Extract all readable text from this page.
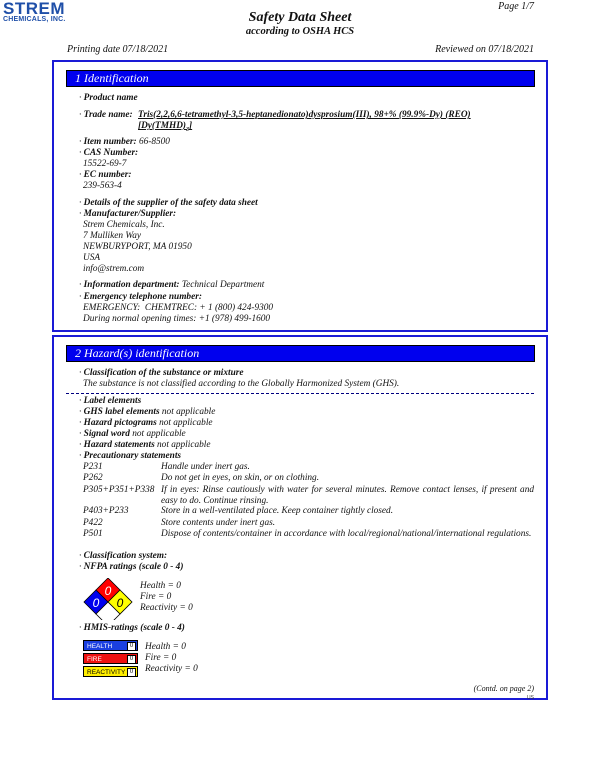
STREM
CHEMICALS, INC.	Safety Data Sheet
according to OSHA HCS
Page 1/7
Printing date 07/18/2021	Reviewed on 07/18/2021
1 Identification
· Product name
· Trade name: Tris(2,2,6,6-tetramethyl-3,5-heptanedionato)dysprosium(III), 98+% (99.9%-Dy) (REO)
$[Dy(TMHD)_3]$
· Item number: 66-8500
· CAS Number:
15522-69-7
· EC number:
239-563-4
· Details of the supplier of the safety data sheet
· Manufacturer/Supplier:
Strem Chemicals, Inc.
7 Mulliken Way
NEWBURYPORT, MA 01950
USA
info@strem.com
· Information department: Technical Department
· Emergency telephone number:
EMERGENCY:  CHEMTREC: + 1 (800) 424-9300
During normal opening times: +1 (978) 499-1600
2 Hazard(s) identification
· Classification of the substance or mixture
The substance is not classified according to the Globally Harmonized System (GHS).
· Label elements
· GHS label elements not applicable
· Hazard pictograms not applicable
· Signal word not applicable
· Hazard statements not applicable
· Precautionary statements
P231	Handle under inert gas.
P262	Do not get in eyes, on skin, or on clothing.
P305+P351+P338 If in eyes: Rinse cautiously with water for several minutes. Remove contact lenses, if present and easy to do. Continue rinsing.
P403+P233	Store in a well-ventilated place. Keep container tightly closed.
P422	Store contents under inert gas.
P501	Dispose of contents/container in accordance with local/regional/national/international regulations.
· Classification system:
· NFPA ratings (scale 0 - 4)
0
0 0
Health = 0
Fire = 0
Reactivity = 0
· HMIS-ratings (scale 0 - 4)
HEALTH	0
FIRE	0
REACTIVITY 0
Health = 0
Fire = 0
Reactivity = 0
(Contd. on page 2)
US
